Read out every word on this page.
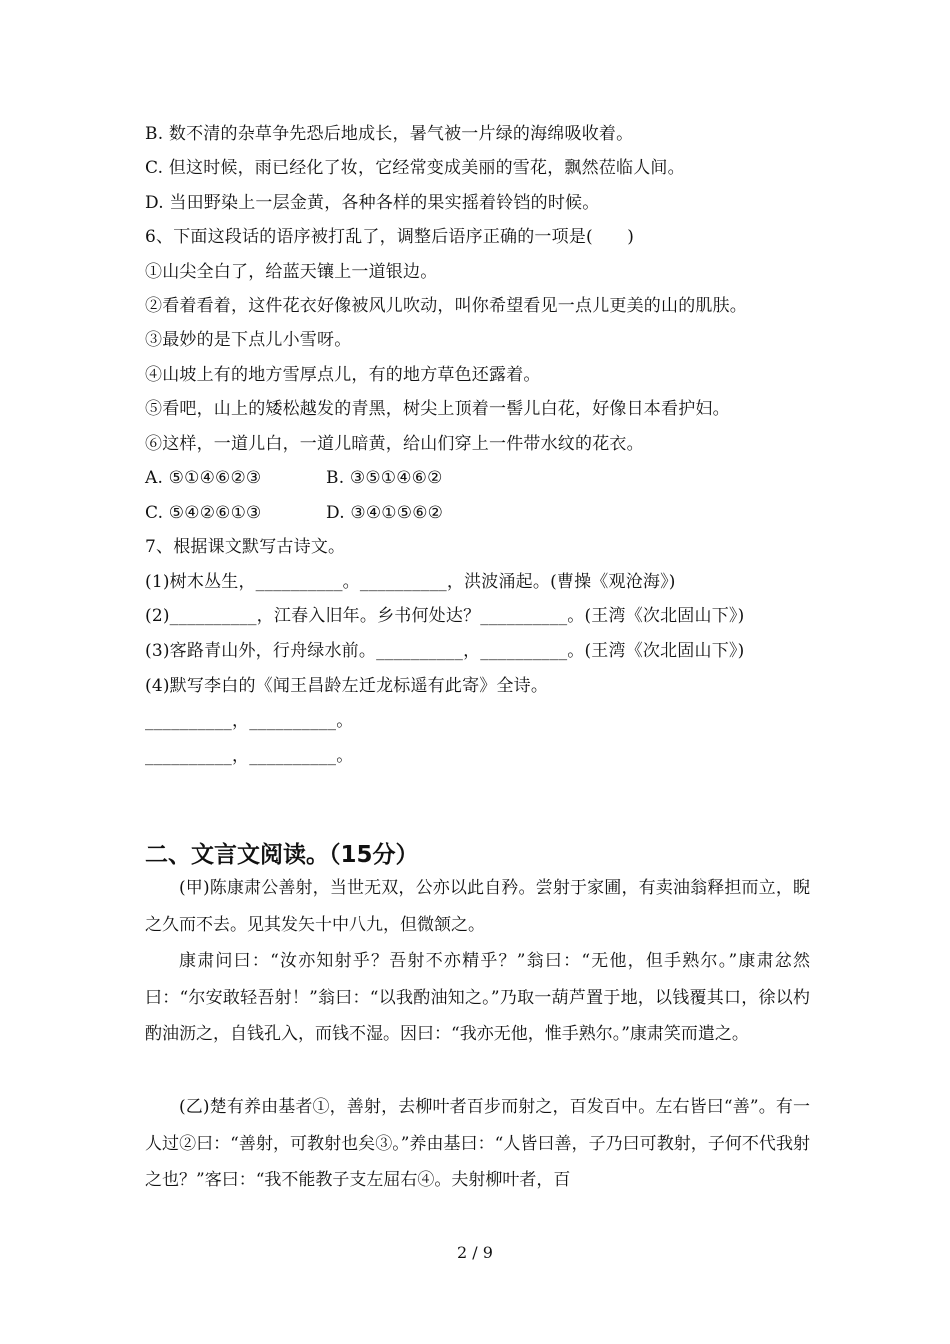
B. 数不清的杂草争先恐后地成长，暑气被一片绿的海绵吸收着。
C. 但这时候，雨已经化了妆，它经常变成美丽的雪花，飘然莅临人间。
D. 当田野染上一层金黄，各种各样的果实摇着铃铛的时候。
6、下面这段话的语序被打乱了，调整后语序正确的一项是(　　)
①山尖全白了，给蓝天镶上一道银边。
②看着看着，这件花衣好像被风儿吹动，叫你希望看见一点儿更美的山的肌肤。
③最妙的是下点儿小雪呀。
④山坡上有的地方雪厚点儿，有的地方草色还露着。
⑤看吧，山上的矮松越发的青黑，树尖上顶着一髻儿白花，好像日本看护妇。
⑥这样，一道儿白，一道儿暗黄，给山们穿上一件带水纹的花衣。
A. ⑤①④⑥②③	B. ③⑤①④⑥②
C. ⑤④②⑥①③	D. ③④①⑤⑥②
7、根据课文默写古诗文。
(1)树木丛生，__________。__________，洪波涌起。(曹操《观沧海》)
(2)__________，江春入旧年。乡书何处达？__________。(王湾《次北固山下》)
(3)客路青山外，行舟绿水前。__________，__________。(王湾《次北固山下》)
(4)默写李白的《闻王昌龄左迁龙标遥有此寄》全诗。
__________，__________。
__________，__________。
二、文言文阅读。（15分）

(甲)陈康肃公善射，当世无双，公亦以此自矜。尝射于家圃，有卖油翁释担而立，睨之久而不去。见其发矢十中八九，但微颔之。

康肃问曰：“汝亦知射乎？吾射不亦精乎？”翁曰：“无他，但手熟尔。”康肃忿然曰：“尔安敢轻吾射！”翁曰：“以我酌油知之。”乃取一葫芦置于地，以钱覆其口，徐以杓酌油沥之，自钱孔入，而钱不湿。因曰：“我亦无他，惟手熟尔。”康肃笑而遣之。

(乙)楚有养由基者①，善射，去柳叶者百步而射之，百发百中。左右皆曰“善”。有一人过②曰：“善射，可教射也矣③。”养由基曰：“人皆曰善，子乃曰可教射，子何不代我射之也？”客曰：“我不能教子支左屈右④。夫射柳叶者，百

2 / 9
